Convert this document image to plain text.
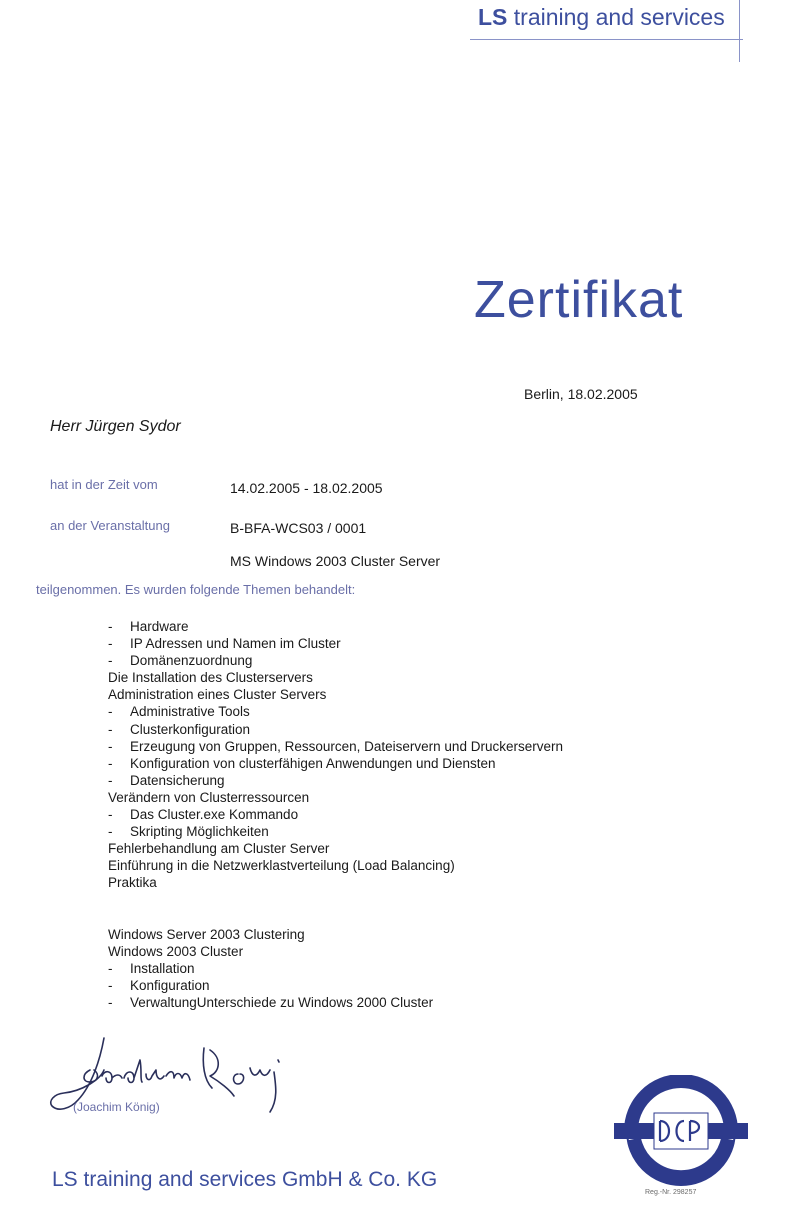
LS training and services
Zertifikat
Berlin, 18.02.2005
Herr Jürgen Sydor
hat in der Zeit vom	14.02.2005 - 18.02.2005
an der Veranstaltung	B-BFA-WCS03 / 0001
MS Windows 2003 Cluster Server
teilgenommen. Es wurden folgende Themen behandelt:
- Hardware
- IP Adressen und Namen im Cluster
- Domänenzuordnung
Die Installation des Clusterservers
Administration eines Cluster Servers
- Administrative Tools
- Clusterkonfiguration
- Erzeugung von Gruppen, Ressourcen, Dateiservern und Druckerservern
- Konfiguration von clusterfähigen Anwendungen und Diensten
- Datensicherung
Verändern von Clusterressourcen
- Das Cluster.exe Kommando
- Skripting Möglichkeiten
Fehlerbehandlung am Cluster Server
Einführung in die Netzwerklastverteilung (Load Balancing)
Praktika
Windows Server 2003 Clustering
Windows 2003 Cluster
- Installation
- Konfiguration
- VerwaltungUnterschiede zu Windows 2000 Cluster
(Joachim König)
LS training and services GmbH & Co. KG
Reg.-Nr. 298257
